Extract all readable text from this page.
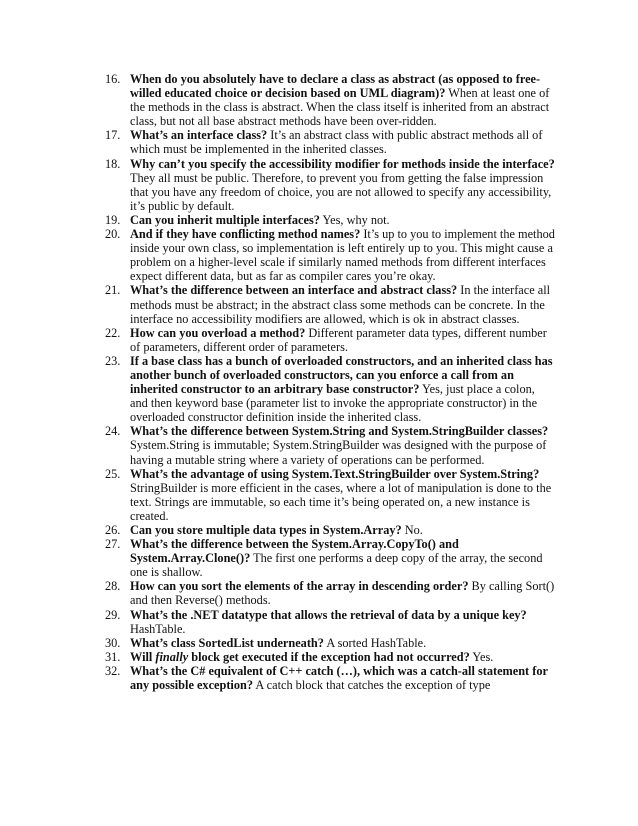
16. When do you absolutely have to declare a class as abstract (as opposed to free-willed educated choice or decision based on UML diagram)? When at least one of the methods in the class is abstract. When the class itself is inherited from an abstract class, but not all base abstract methods have been over-ridden.
17. What’s an interface class? It’s an abstract class with public abstract methods all of which must be implemented in the inherited classes.
18. Why can’t you specify the accessibility modifier for methods inside the interface? They all must be public. Therefore, to prevent you from getting the false impression that you have any freedom of choice, you are not allowed to specify any accessibility, it’s public by default.
19. Can you inherit multiple interfaces? Yes, why not.
20. And if they have conflicting method names? It’s up to you to implement the method inside your own class, so implementation is left entirely up to you. This might cause a problem on a higher-level scale if similarly named methods from different interfaces expect different data, but as far as compiler cares you’re okay.
21. What’s the difference between an interface and abstract class? In the interface all methods must be abstract; in the abstract class some methods can be concrete. In the interface no accessibility modifiers are allowed, which is ok in abstract classes.
22. How can you overload a method? Different parameter data types, different number of parameters, different order of parameters.
23. If a base class has a bunch of overloaded constructors, and an inherited class has another bunch of overloaded constructors, can you enforce a call from an inherited constructor to an arbitrary base constructor? Yes, just place a colon, and then keyword base (parameter list to invoke the appropriate constructor) in the overloaded constructor definition inside the inherited class.
24. What’s the difference between System.String and System.StringBuilder classes? System.String is immutable; System.StringBuilder was designed with the purpose of having a mutable string where a variety of operations can be performed.
25. What’s the advantage of using System.Text.StringBuilder over System.String? StringBuilder is more efficient in the cases, where a lot of manipulation is done to the text. Strings are immutable, so each time it’s being operated on, a new instance is created.
26. Can you store multiple data types in System.Array? No.
27. What’s the difference between the System.Array.CopyTo() and System.Array.Clone()? The first one performs a deep copy of the array, the second one is shallow.
28. How can you sort the elements of the array in descending order? By calling Sort() and then Reverse() methods.
29. What’s the .NET datatype that allows the retrieval of data by a unique key? HashTable.
30. What’s class SortedList underneath? A sorted HashTable.
31. Will finally block get executed if the exception had not occurred? Yes.
32. What’s the C# equivalent of C++ catch (…), which was a catch-all statement for any possible exception? A catch block that catches the exception of type
